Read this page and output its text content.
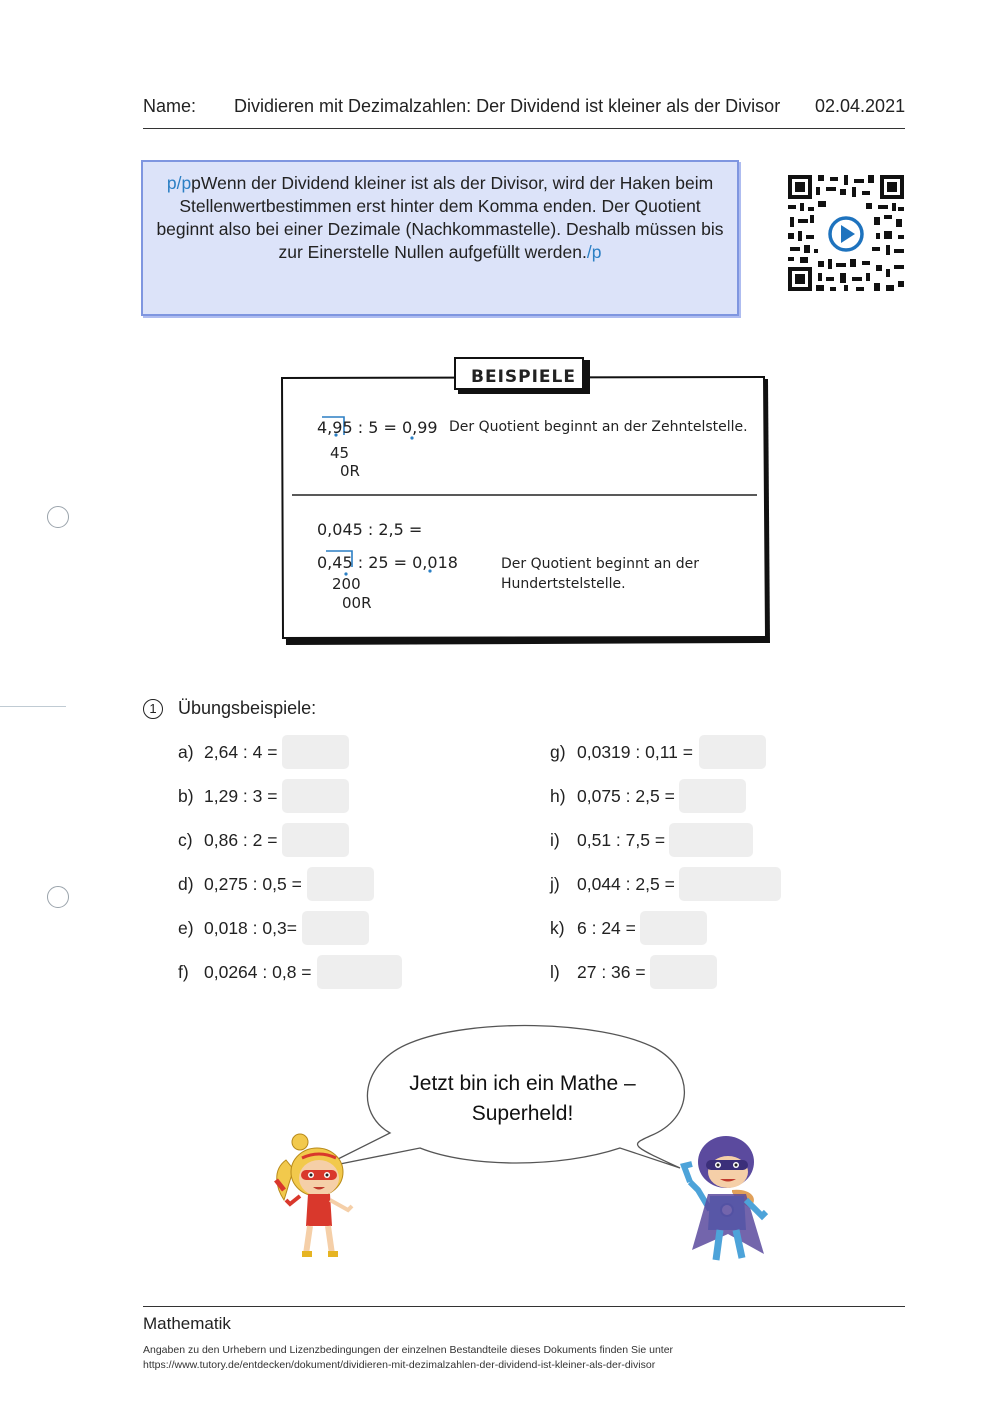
Name: Dividieren mit Dezimalzahlen: Der Dividend ist kleiner als der Divisor 02.04.2021
p/ppWenn der Dividend kleiner ist als der Divisor, wird der Haken beim Stellenwertbestimmen erst hinter dem Komma enden. Der Quotient beginnt also bei einer Dezimale (Nachkommastelle). Deshalb müssen bis zur Einerstelle Nullen aufgefüllt werden./p
BEISPIELE
4,95 : 5 = 0,99
45
0R
Der Quotient beginnt an der Zehntelstelle.
0,045 : 2,5 =
0,45 : 25 = 0,018
200
00R
Der Quotient beginnt an der
Hundertstelstelle.
1	Übungsbeispiele:
a) 2,64 : 4 =
b) 1,29 : 3 =
c) 0,86 : 2 =
d) 0,275 : 0,5 =
e) 0,018 : 0,3=
f) 0,0264 : 0,8 =
g) 0,0319 : 0,11 =
h) 0,075 : 2,5 =
i) 0,51 : 7,5 =
j) 0,044 : 2,5 =
k) 6 : 24 =
l) 27 : 36 =
Jetzt bin ich ein Mathe –
Superheld!
Mathematik
Angaben zu den Urhebern und Lizenzbedingungen der einzelnen Bestandteile dieses Dokuments finden Sie unter
https://www.tutory.de/entdecken/dokument/dividieren-mit-dezimalzahlen-der-dividend-ist-kleiner-als-der-divisor
